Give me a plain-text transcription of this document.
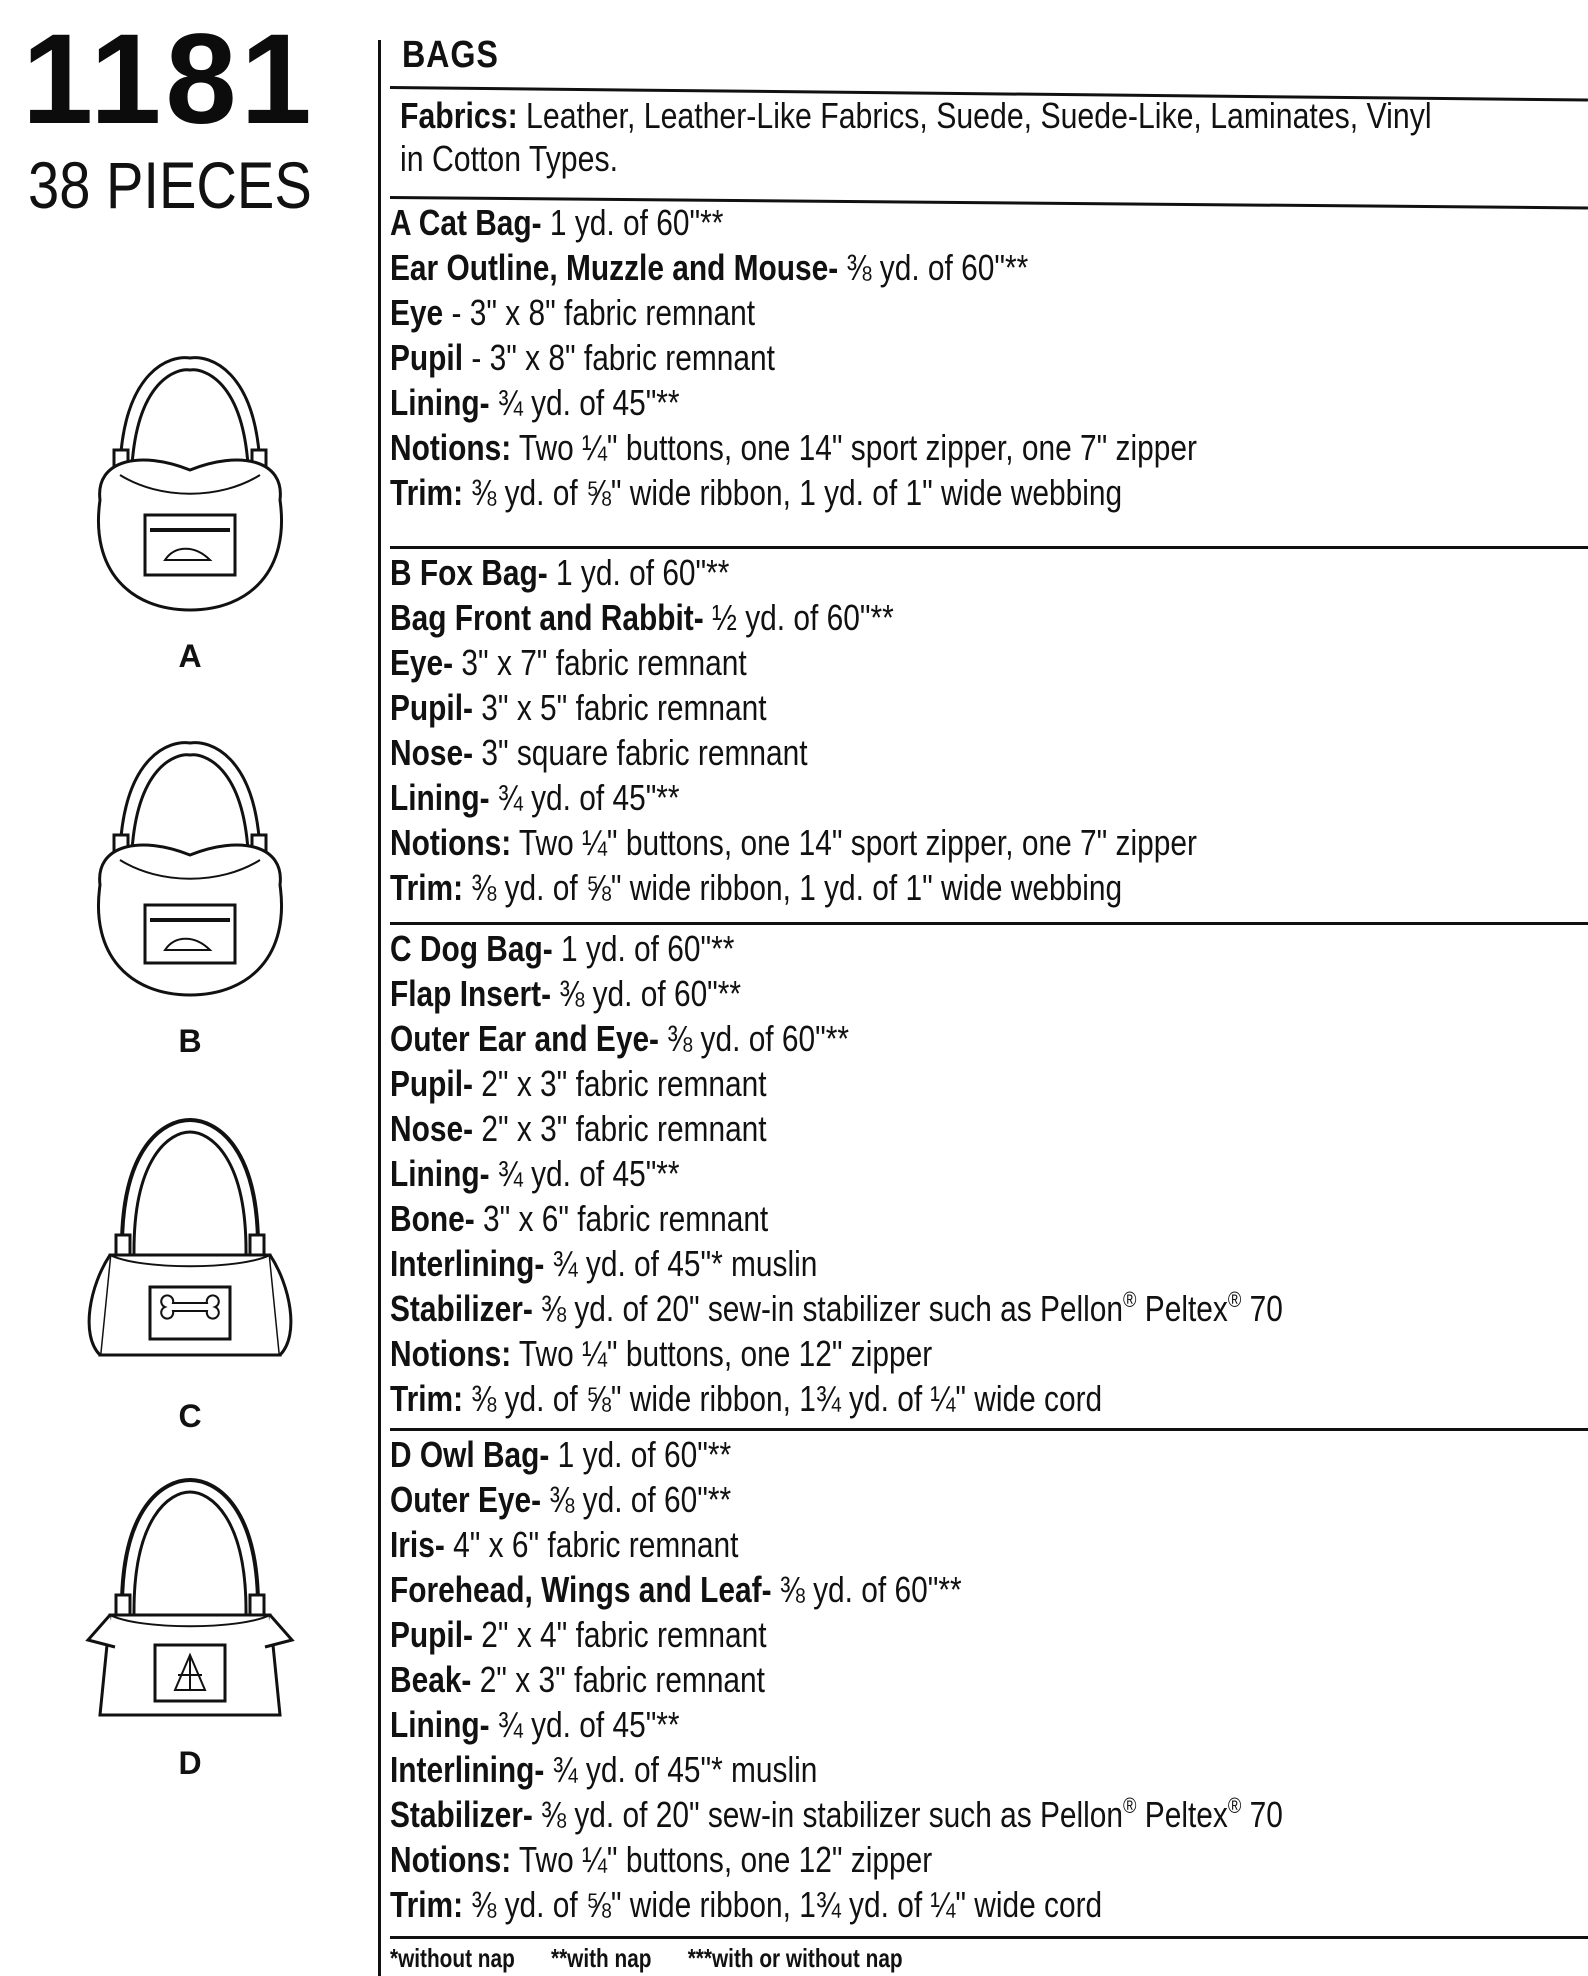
1181
38 PIECES
A
B
C
D
BAGS
Fabrics: Leather, Leather-Like Fabrics, Suede, Suede-Like, Laminates, Vinyl
in Cotton Types.
A Cat Bag- 1 yd. of 60"**
Ear Outline, Muzzle and Mouse- ⅜ yd. of 60"**
Eye - 3" x 8" fabric remnant
Pupil - 3" x 8" fabric remnant
Lining- ¾ yd. of 45"**
Notions: Two ¼" buttons, one 14" sport zipper, one 7" zipper
Trim: ⅜ yd. of ⅝" wide ribbon, 1 yd. of 1" wide webbing
B Fox Bag- 1 yd. of 60"**
Bag Front and Rabbit- ½ yd. of 60"**
Eye- 3" x 7" fabric remnant
Pupil- 3" x 5" fabric remnant
Nose- 3" square fabric remnant
Lining- ¾ yd. of 45"**
Notions: Two ¼" buttons, one 14" sport zipper, one 7" zipper
Trim: ⅜ yd. of ⅝" wide ribbon, 1 yd. of 1" wide webbing
C Dog Bag- 1 yd. of 60"**
Flap Insert- ⅜ yd. of 60"**
Outer Ear and Eye- ⅜ yd. of 60"**
Pupil- 2" x 3" fabric remnant
Nose- 2" x 3" fabric remnant
Lining- ¾ yd. of 45"**
Bone- 3" x 6" fabric remnant
Interlining- ¾ yd. of 45"* muslin
Stabilizer- ⅜ yd. of 20" sew-in stabilizer such as Pellon® Peltex® 70
Notions: Two ¼" buttons, one 12" zipper
Trim: ⅜ yd. of ⅝" wide ribbon, 1¾ yd. of ¼" wide cord
D Owl Bag- 1 yd. of 60"**
Outer Eye- ⅜ yd. of 60"**
Iris- 4" x 6" fabric remnant
Forehead, Wings and Leaf- ⅜ yd. of 60"**
Pupil- 2" x 4" fabric remnant
Beak- 2" x 3" fabric remnant
Lining- ¾ yd. of 45"**
Interlining- ¾ yd. of 45"* muslin
Stabilizer- ⅜ yd. of 20" sew-in stabilizer such as Pellon® Peltex® 70
Notions: Two ¼" buttons, one 12" zipper
Trim: ⅜ yd. of ⅝" wide ribbon, 1¾ yd. of ¼" wide cord
*without nap **with nap ***with or without nap
